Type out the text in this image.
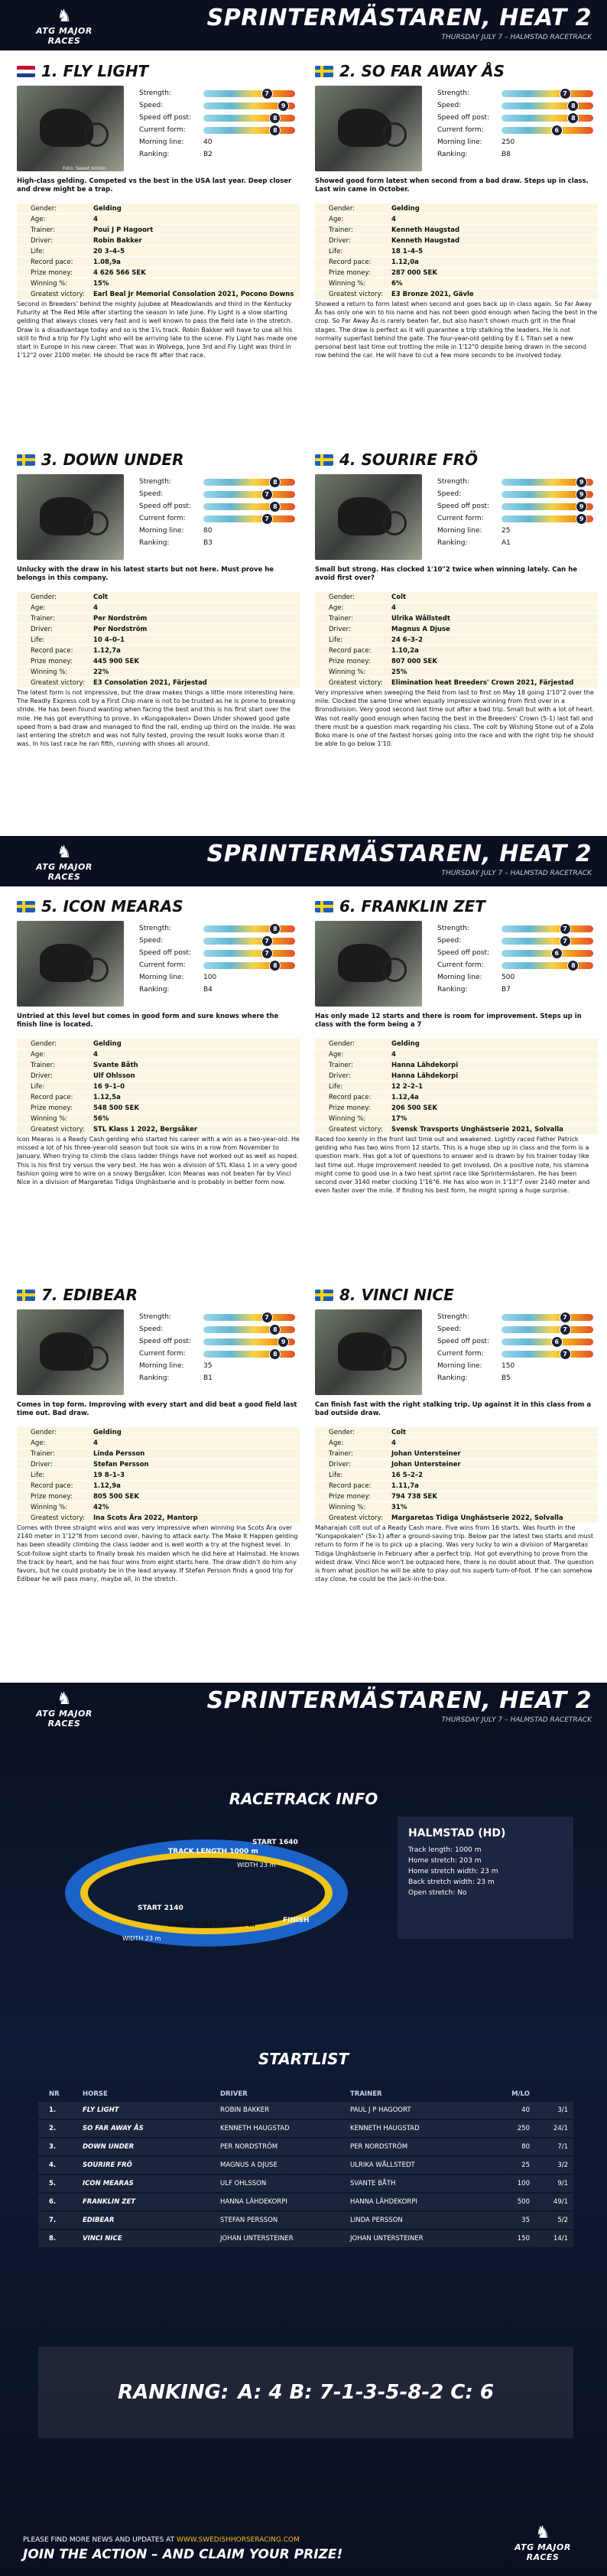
♞
ATG MAJOR RACES
SPRINTERMÄSTAREN, HEAT 2
THURSDAY JULY 7 – HALMSTAD RACETRACK
♞
ATG MAJOR RACES
SPRINTERMÄSTAREN, HEAT 2
THURSDAY JULY 7 – HALMSTAD RACETRACK
♞
ATG MAJOR RACES
SPRINTERMÄSTAREN, HEAT 2
THURSDAY JULY 7 – HALMSTAD RACETRACK
1. FLY LIGHT
Foto: Sweet Antoin
Strength:	7
Speed:	9
Speed off post:	8
Current form:	8
Morning line:	40
Ranking:	B2
High-class gelding. Competed vs the best in the USA last year. Deep closer and drew might be a trap.
Gender:	Gelding
Age:	4
Trainer:	Pouï J P Hagoort
Driver:	Robin Bakker
Life:	20 3–4–5
Record pace:	1.08,9a
Prize money:	4 626 566 SEK
Winning %:	15%
Greatest victory:	Earl Beal Jr Memorial Consolation 2021, Pocono Downs
Second in Breeders' behind the mighty Jujubee at Meadowlands and third in the Kentucky Futurity at The Red Mile after starting the season in late June. Fly Light is a slow starting gelding that always closes very fast and is well known to pass the field late in the stretch. Draw is a disadvantage today and so is the 1¼ track. Robin Bakker will have to use all his skill to find a trip for Fly Light who will be arriving late to the scene. Fly Light has made one start in Europe in his new career. That was in Wolvega, June 3rd and Fly Light was third in 1'12"2 over 2100 meter. He should be race fit after that race.
2. SO FAR AWAY ÅS
Strength:	7
Speed:	8
Speed off post:	8
Current form:	6
Morning line:	250
Ranking:	B8
Showed good form latest when second from a bad draw. Steps up in class. Last win came in October.
Gender:	Gelding
Age:	4
Trainer:	Kenneth Haugstad
Driver:	Kenneth Haugstad
Life:	18 1–4–5
Record pace:	1.12,0a
Prize money:	287 000 SEK
Winning %:	6%
Greatest victory:	E3 Bronze 2021, Gävle
Showed a return to form latest when second and goes back up in class again. So Far Away Ås has only one win to his name and has not been good enough when facing the best in the crop. So Far Away Ås is rarely beaten far, but also hasn't shown much grit in the final stages. The draw is perfect as it will guarantee a trip stalking the leaders. He is not normally superfast behind the gate. The four-year-old gelding by E L Titan set a new personal best last time out trotting the mile in 1'12"0 despite being drawn in the second row behind the car. He will have to cut a few more seconds to be involved today.
3. DOWN UNDER
Strength:	8
Speed:	7
Speed off post:	8
Current form:	7
Morning line:	80
Ranking:	B3
Unlucky with the draw in his latest starts but not here. Must prove he belongs in this company.
Gender:	Colt
Age:	4
Trainer:	Per Nordström
Driver:	Per Nordström
Life:	10 4–0–1
Record pace:	1.12,7a
Prize money:	445 900 SEK
Winning %:	22%
Greatest victory:	E3 Consolation 2021, Färjestad
The latest form is not impressive, but the draw makes things a little more interesting here. The Readly Express colt by a First Chip mare is not to be trusted as he is prone to breaking stride. He has been found wanting when facing the best and this is his first start over the mile. He has got everything to prove. In »Kungapokalen« Down Under showed good gate speed from a bad draw and managed to find the rail, ending up third on the inside. He was last entering the stretch and was not fully tested, proving the result looks worse than it was. In his last race he ran fifth, running with shoes all around.
4. SOURIRE FRÖ
Strength:	9
Speed:	9
Speed off post:	9
Current form:	9
Morning line:	25
Ranking:	A1
Small but strong. Has clocked 1'10"2 twice when winning lately. Can he avoid first over?
Gender:	Colt
Age:	4
Trainer:	Ulrika Wållstedt
Driver:	Magnus A Djuse
Life:	24 6–3–2
Record pace:	1.10,2a
Prize money:	807 000 SEK
Winning %:	25%
Greatest victory:	Elimination heat Breeders' Crown 2021, Färjestad
Very impressive when sweeping the field from last to first on May 18 going 1'10"2 over the mile. Clocked the same time when equally impressive winning from first over in a Bronsdivision. Very good second last time out after a bad trip. Small but with a lot of heart. Was not really good enough when facing the best in the Breeders' Crown (5-1) last fall and there must be a question mark regarding his class. The colt by Wishing Stone out of a Zola Boko mare is one of the fastest horses going into the race and with the right trip he should be able to go below 1'10.
5. ICON MEARAS
Strength:	8
Speed:	7
Speed off post:	7
Current form:	8
Morning line:	100
Ranking:	B4
Untried at this level but comes in good form and sure knows where the finish line is located.
Gender:	Gelding
Age:	4
Trainer:	Svante Båth
Driver:	Ulf Ohlsson
Life:	16 9–1–0
Record pace:	1.12,5a
Prize money:	548 500 SEK
Winning %:	56%
Greatest victory:	STL Klass 1 2022, Bergsåker
Icon Mearas is a Ready Cash gelding who started his career with a win as a two-year-old. He missed a lot of his three-year-old season but took six wins in a row from November to January. When trying to climb the class ladder things have not worked out as well as hoped. This is his first try versus the very best. He has won a division of STL Klass 1 in a very good fashion going wire to wire on a snowy Bergsåker. Icon Mearas was not beaten far by Vinci Nice in a division of Margaretas Tidiga Unghästserie and is probably in better form now.
6. FRANKLIN ZET
Strength:	7
Speed:	7
Speed off post:	6
Current form:	8
Morning line:	500
Ranking:	B7
Has only made 12 starts and there is room for improvement. Steps up in class with the form being a 7
Gender:	Gelding
Age:	4
Trainer:	Hanna Lähdekorpi
Driver:	Hanna Lähdekorpi
Life:	12 2–2–1
Record pace:	1.12,4a
Prize money:	206 500 SEK
Winning %:	17%
Greatest victory:	Svensk Travsports Unghästserie 2021, Solvalla
Raced too keenly in the front last time out and weakened. Lightly raced Father Patrick gelding who has two wins from 12 starts. This is a huge step up in class and the form is a question mark. Has got a lot of questions to answer and is drawn by his trainer today like last time out. Huge improvement needed to get involved. On a positive note, his stamina might come to good use in a two heat sprint race like Sprintermästaren. He has been second over 3140 meter clocking 1'16"6. He has also won in 1'13"7 over 2140 meter and even faster over the mile. If finding his best form, he might spring a huge surprise.
7. EDIBEAR
Strength:	7
Speed:	8
Speed off post:	9
Current form:	8
Morning line:	35
Ranking:	B1
Comes in top form. Improving with every start and did beat a good field last time out. Bad draw.
Gender:	Gelding
Age:	4
Trainer:	Linda Persson
Driver:	Stefan Persson
Life:	19 8–1–3
Record pace:	1.12,9a
Prize money:	805 500 SEK
Winning %:	42%
Greatest victory:	Ina Scots Ära 2022, Mantorp
Comes with three straight wins and was very impressive when winning Ina Scots Ära over 2140 meter in 1'12"8 from second over, having to attack early. The Make It Happen gelding has been steadily climbing the class ladder and is well worth a try at the highest level. In Scot-follow sight starts to finally break his maiden which he did here at Halmstad. He knows the track by heart, and he has four wins from eight starts here. The draw didn't do him any favors, but he could probably be in the lead anyway. If Stefan Persson finds a good trip for Edibear he will pass many, maybe all, in the stretch.
8. VINCI NICE
Strength:	7
Speed:	7
Speed off post:	6
Current form:	7
Morning line:	150
Ranking:	B5
Can finish fast with the right stalking trip. Up against it in this class from a bad outside draw.
Gender:	Colt
Age:	4
Trainer:	Johan Untersteiner
Driver:	Johan Untersteiner
Life:	16 5–2–2
Record pace:	1.11,7a
Prize money:	794 738 SEK
Winning %:	31%
Greatest victory:	Margaretas Tidiga Unghästserie 2022, Solvalla
Maharajah colt out of a Ready Cash mare. Five wins from 16 starts. Was fourth in the "Kungapokalen" (5x-1) after a ground-saving trip. Below par the latest two starts and must return to form if he is to pick up a placing. Was very lucky to win a division of Margaretas Tidiga Unghästserie in February after a perfect trip. Hot got everything to prove from the widest draw. Vinci Nice won't be outpaced here, there is no doubt about that. The question is from what position he will be able to play out his superb turn-of-foot. If he can somehow stay close, he could be the jack-in-the-box.
RACETRACK INFO
TRACK LENGTH 1000 m
START 1640
WIDTH 23 m
START 2140
HOME STRETCH 203 m
FINISH
WIDTH 23 m
HALMSTAD (HD)
Track length: 1000 m
Home stretch: 203 m
Home stretch width: 23 m
Back stretch width: 23 m
Open stretch: No
STARTLIST
NR	HORSE	DRIVER	TRAINER	M/LO
1.	FLY LIGHT	ROBIN BAKKER	PAUL J P HAGOORT	40	3/1
2.	SO FAR AWAY ÅS	KENNETH HAUGSTAD	KENNETH HAUGSTAD	250	24/1
3.	DOWN UNDER	PER NORDSTRÖM	PER NORDSTRÖM	80	7/1
4.	SOURIRE FRÖ	MAGNUS A DJUSE	ULRIKA WÅLLSTEDT	25	3/2
5.	ICON MEARAS	ULF OHLSSON	SVANTE BÅTH	100	9/1
6.	FRANKLIN ZET	HANNA LÄHDEKORPI	HANNA LÄHDEKORPI	500	49/1
7.	EDIBEAR	STEFAN PERSSON	LINDA PERSSON	35	5/2
8.	VINCI NICE	JOHAN UNTERSTEINER	JOHAN UNTERSTEINER	150	14/1
RANKING: A: 4 B: 7-1-3-5-8-2 C: 6
PLEASE FIND MORE NEWS AND UPDATES AT WWW.SWEDISHHORSERACING.COM
JOIN THE ACTION – AND CLAIM YOUR PRIZE!
♞
ATG MAJOR RACES
